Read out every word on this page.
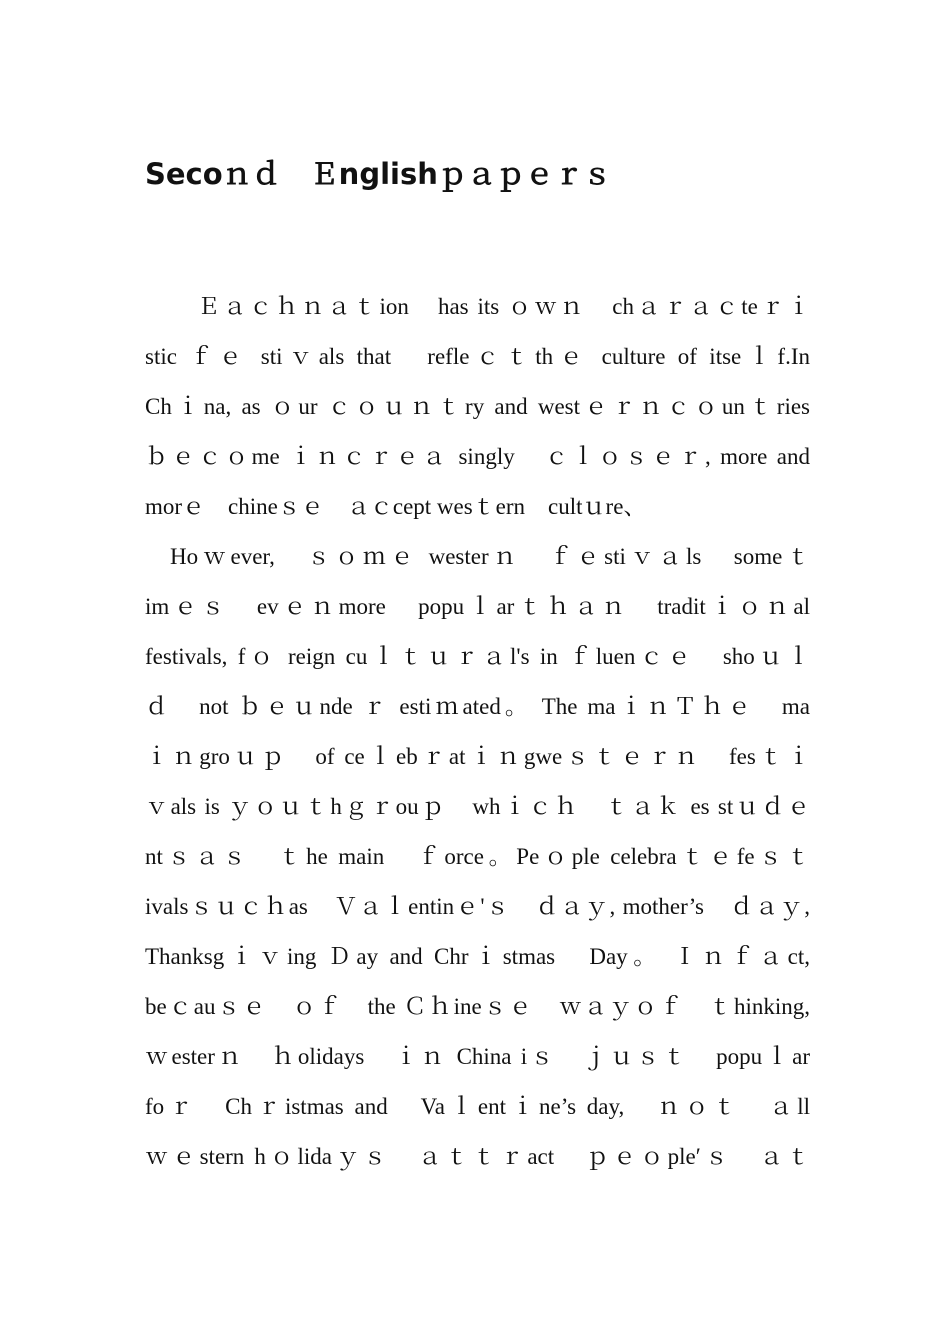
Secoｎｄ　Ｅnglishｐａｐｅｒｓ
Ｅａｃｈｎａｔion　has its ｏｗｎ　chａｒａｃteｒｉ
stic ｆｅ stiｖals that　refleｃｔthｅ culture of itseｌf.In
Chｉna, as ｏur ｃｏｕｎｔry and westｅｒｎｃｏunｔries
ｂｅｃｏme ｉｎｃｒｅａ singly　ｃｌｏｓｅｒ, more and
morｅ　chineｓｅ　ａｃcept wesｔern　cultｕre、
Hoｗever,　ｓｏｍｅ westerｎ　ｆｅstiｖａls　someｔ
imｅｓ　evｅｎmore　popuｌarｔｈａｎ　traditｉｏｎal
festivals, fｏ reign cuｌｔｕｒａl's in ｆluenｃｅ　shoｕｌ
ｄ　not ｂｅｕnde ｒ estiｍated。 The maｉｎＴｈｅ　ma
ｉｎgroｕｐ　of ceｌebｒatｉｎgweｓｔｅｒｎ　fesｔｉ
ｖals is ｙｏｕｔhｇｒouｐ　whｉｃｈ　ｔａｋ es stｕｄｅ
ntｓａｓ　ｔhe main　ｆorce。Peｏple celebraｔｅfeｓｔ
ivalsｓｕｃｈas　Ｖａｌentinｅ'ｓ　ｄａｙ, mother’s　ｄａｙ,
Thanksgｉｖing Ｄay and Chrｉstmas　Day。 Ｉｎｆａct,
beｃauｓｅ　ｏｆ　the Ｃｈineｓｅ　ｗａｙｏｆ　ｔhinking,
ｗesterｎ　ｈolidays　ｉｎ China iｓ　ｊｕｓｔ　popuｌar
foｒ　Chｒistmas and　Vaｌentｉne’s day,　ｎｏｔ　ａll
ｗｅstern hｏlidaｙｓ　ａｔｔｒact　ｐｅｏple′ｓ　ａｔ
